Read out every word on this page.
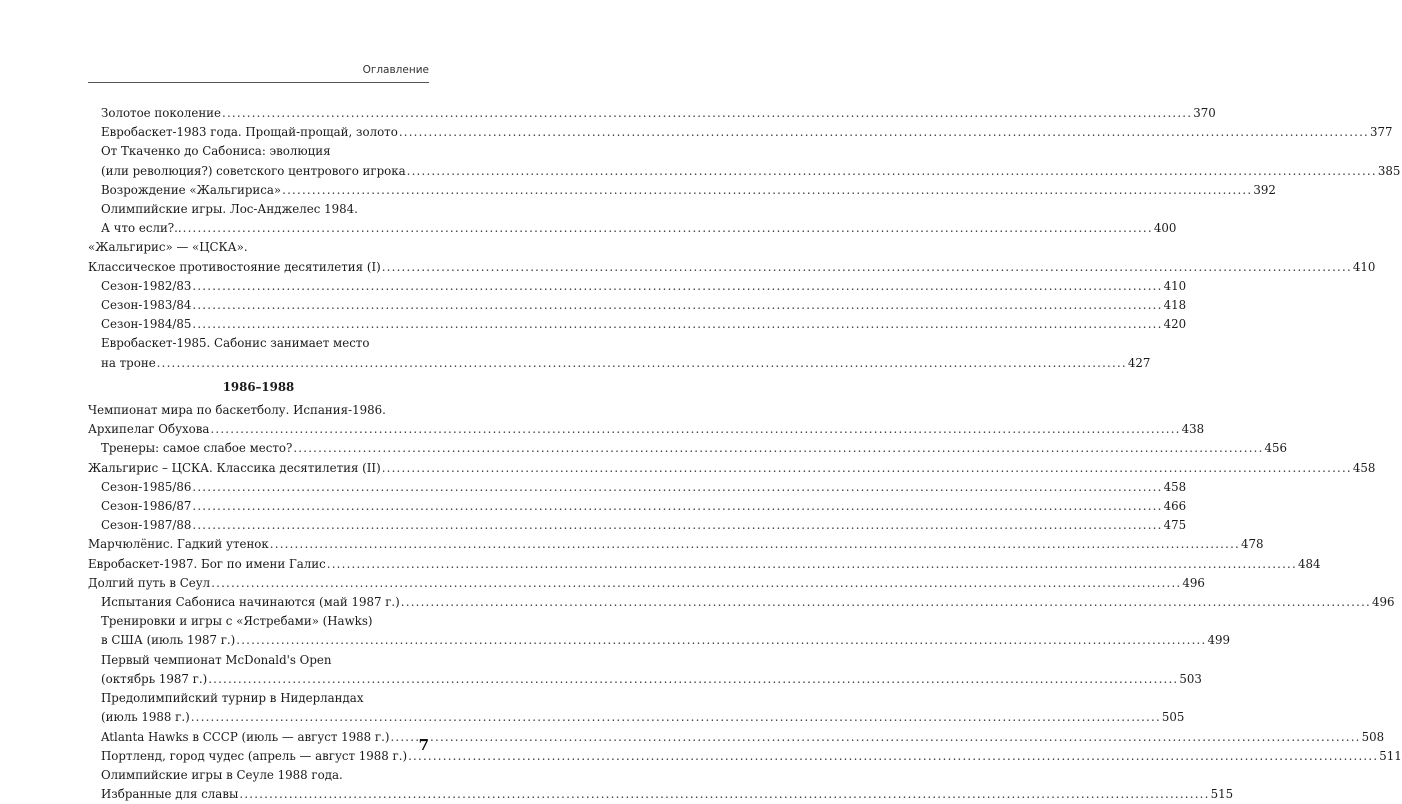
Оглавление
Золотое поколение .....	370
Евробаскет-1983 года. Прощай-прощай, золото .....	377
От Ткаченко до Сабониса: эволюция
(или революция?) советского центрового игрока .....	385
Возрождение «Жальгириса» .....	392
Олимпийские игры. Лос-Анджелес 1984.
А что если?.. .....	400
«Жальгирис» — «ЦСКА».
Классическое противостояние десятилетия (I) .....	410
Сезон-1982/83 .....	410
Сезон-1983/84 .....	418
Сезон-1984/85 .....	420
Евробаскет-1985. Сабонис занимает место
на троне .....	427
1986–1988
Чемпионат мира по баскетболу. Испания-1986.
Архипелаг Обухова .....	438
Тренеры: самое слабое место? .....	456
Жальгирис – ЦСКА. Классика десятилетия (II) .....	458
Сезон-1985/86 .....	458
Сезон-1986/87 .....	466
Сезон-1987/88 .....	475
Марчюлёнис. Гадкий утенок .....	478
Евробаскет-1987. Бог по имени Галис .....	484
Долгий путь в Сеул .....	496
Испытания Сабониса начинаются (май 1987 г.) .....	496
Тренировки и игры с «Ястребами» (Hawks)
в США (июль 1987 г.) .....	499
Первый чемпионат McDonald's Open
(октябрь 1987 г.) .....	503
Предолимпийский турнир в Нидерландах
(июль 1988 г.) .....	505
Atlanta Hawks в СССР (июль — август 1988 г.) .....	508
Портленд, город чудес (апрель — август 1988 г.) .....	511
Олимпийские игры в Сеуле 1988 года.
Избранные для славы .....	515
7
